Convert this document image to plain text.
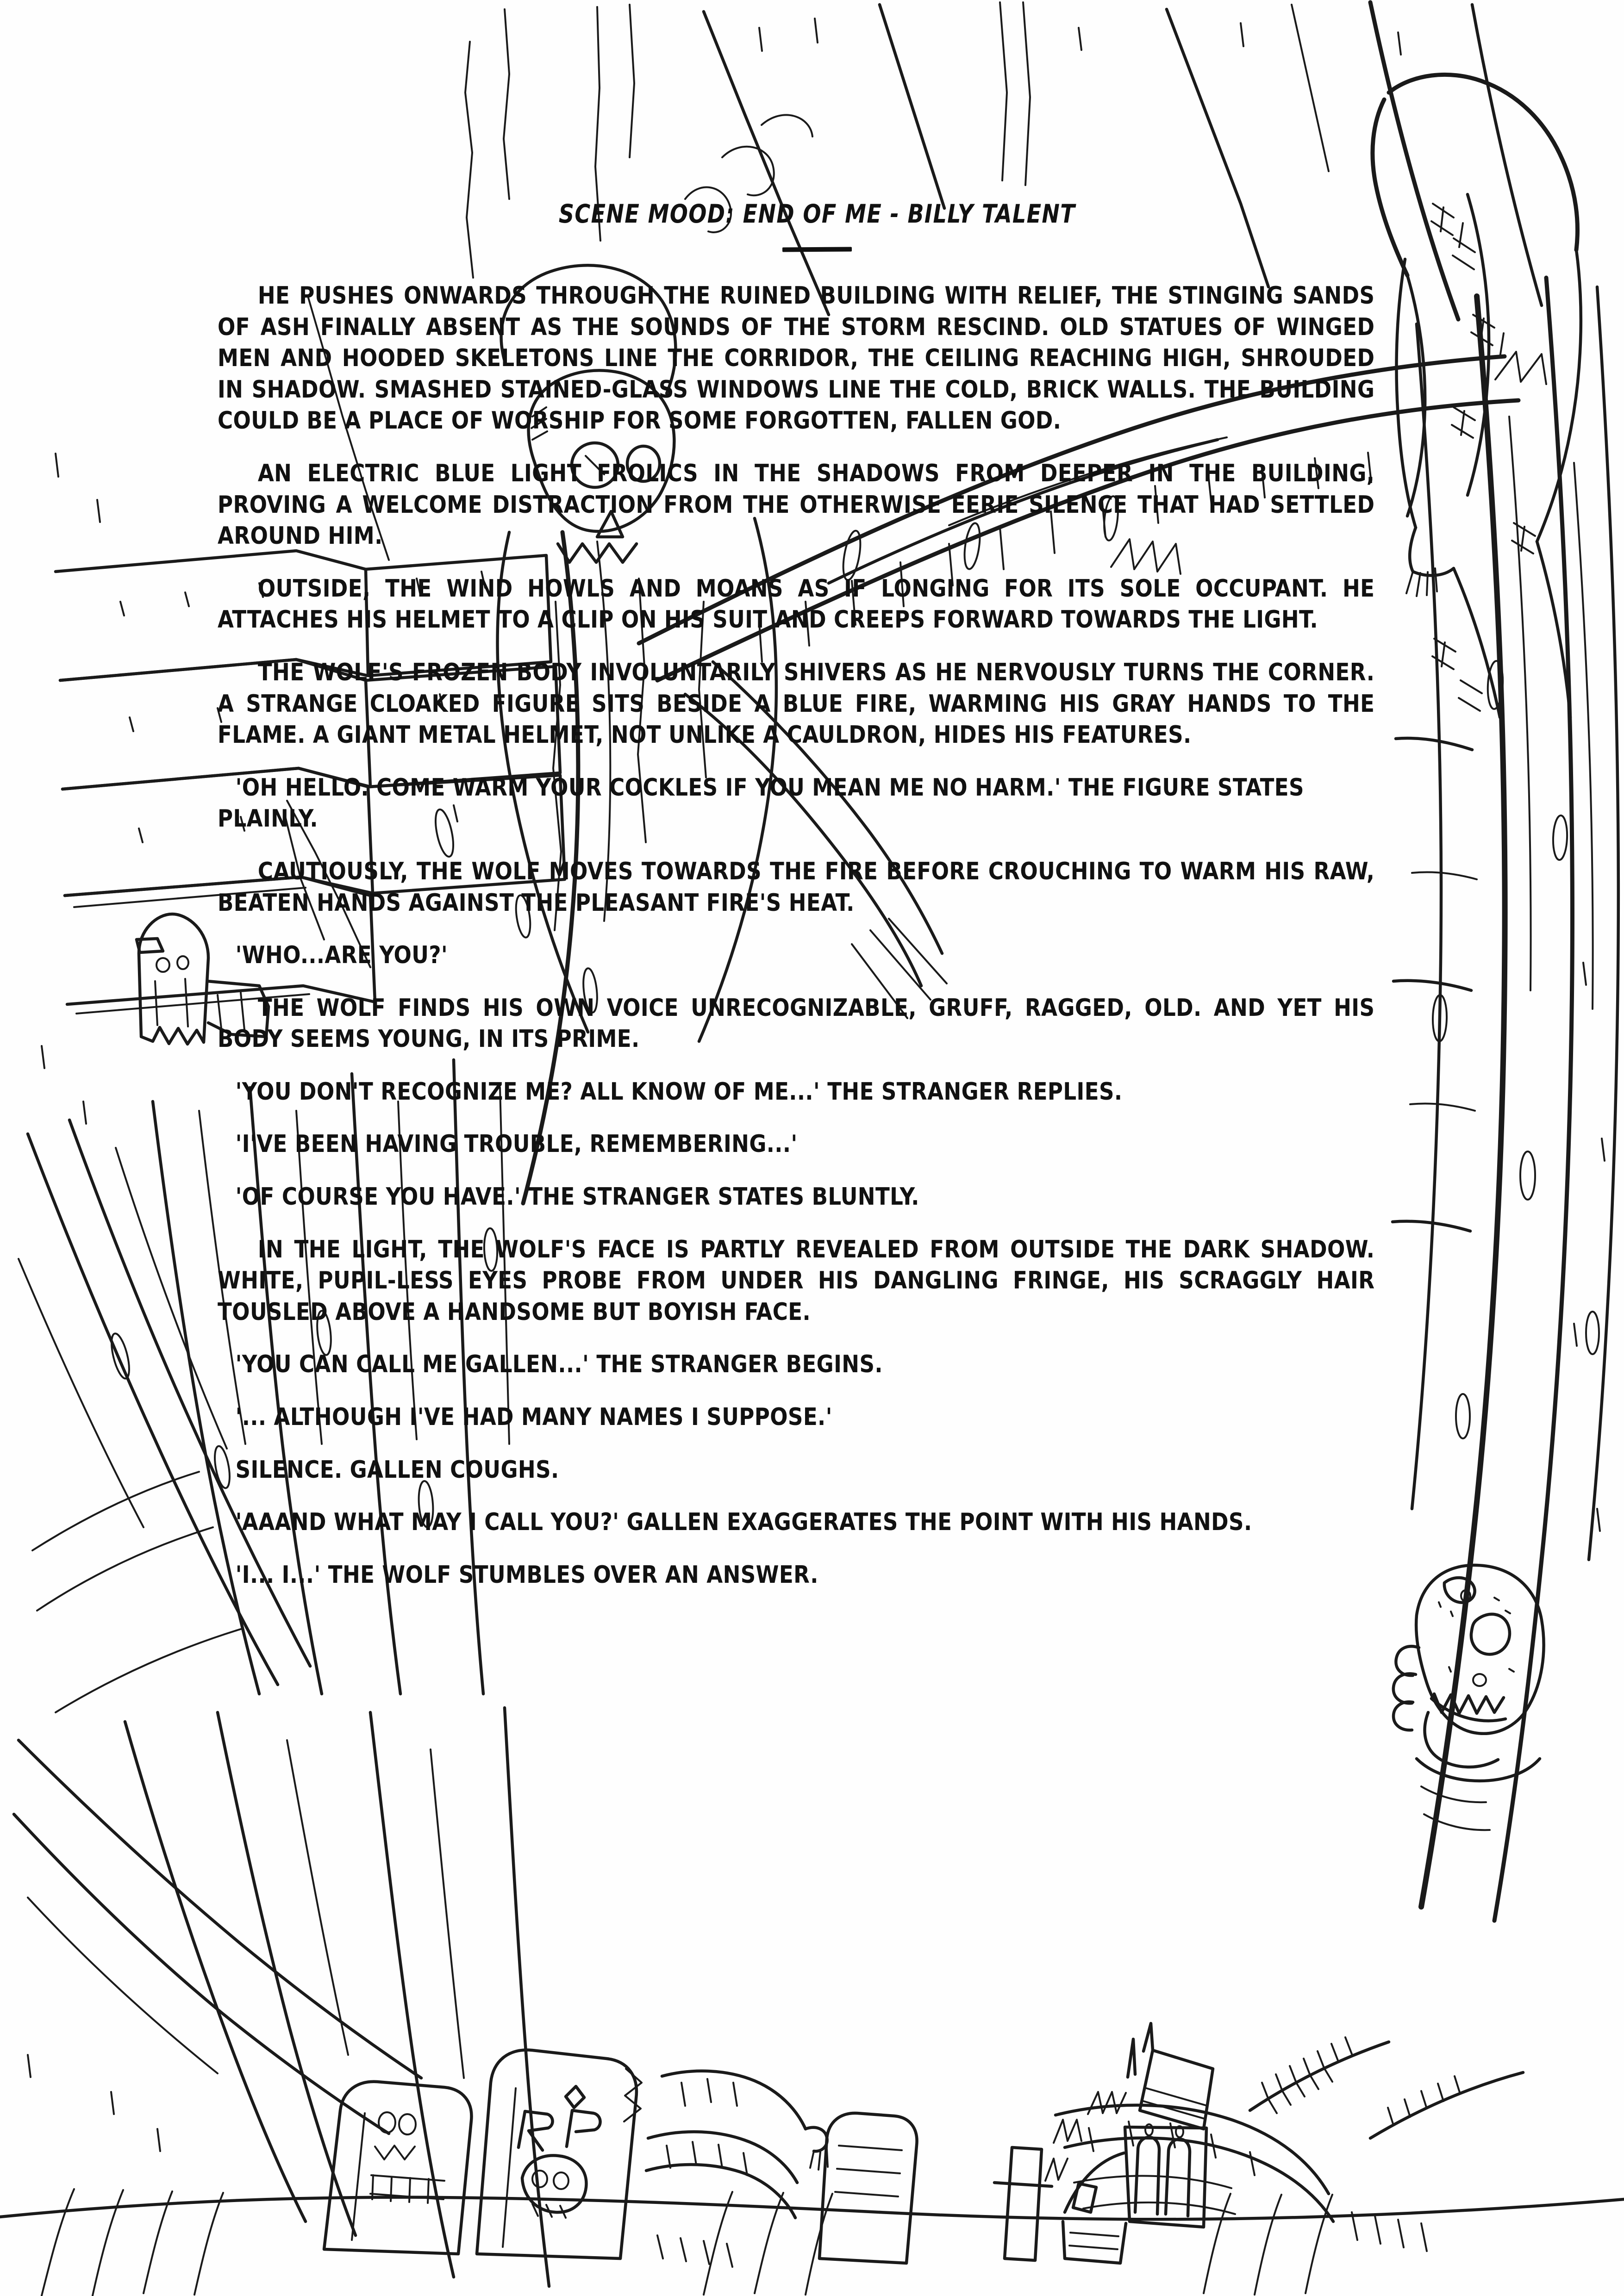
SCENE MOOD: END OF ME - BILLY TALENT

HE PUSHES ONWARDS THROUGH THE RUINED BUILDING WITH RELIEF, THE STINGING SANDS OF ASH FINALLY ABSENT AS THE SOUNDS OF THE STORM RESCIND. OLD STATUES OF WINGED MEN AND HOODED SKELETONS LINE THE CORRIDOR, THE CEILING REACHING HIGH, SHROUDED IN SHADOW. SMASHED STAINED-GLASS WINDOWS LINE THE COLD, BRICK WALLS. THE BUILDING COULD BE A PLACE OF WORSHIP FOR SOME FORGOTTEN, FALLEN GOD.

AN ELECTRIC BLUE LIGHT FROLICS IN THE SHADOWS FROM DEEPER IN THE BUILDING, PROVING A WELCOME DISTRACTION FROM THE OTHERWISE EERIE SILENCE THAT HAD SETTLED AROUND HIM.

OUTSIDE, THE WIND HOWLS AND MOANS AS IF LONGING FOR ITS SOLE OCCUPANT. HE ATTACHES HIS HELMET TO A CLIP ON HIS SUIT AND CREEPS FORWARD TOWARDS THE LIGHT.

THE WOLF'S FROZEN BODY INVOLUNTARILY SHIVERS AS HE NERVOUSLY TURNS THE CORNER. A STRANGE CLOAKED FIGURE SITS BESIDE A BLUE FIRE, WARMING HIS GRAY HANDS TO THE FLAME. A GIANT METAL HELMET, NOT UNLIKE A CAULDRON, HIDES HIS FEATURES.

'OH HELLO. COME WARM YOUR COCKLES IF YOU MEAN ME NO HARM.' THE FIGURE STATES PLAINLY.

CAUTIOUSLY, THE WOLF MOVES TOWARDS THE FIRE BEFORE CROUCHING TO WARM HIS RAW, BEATEN HANDS AGAINST THE PLEASANT FIRE'S HEAT.

'WHO...ARE YOU?'

THE WOLF FINDS HIS OWN VOICE UNRECOGNIZABLE, GRUFF, RAGGED, OLD. AND YET HIS BODY SEEMS YOUNG, IN ITS PRIME.

'YOU DON'T RECOGNIZE ME? ALL KNOW OF ME...' THE STRANGER REPLIES.

'I'VE BEEN HAVING TROUBLE, REMEMBERING...'

'OF COURSE YOU HAVE.' THE STRANGER STATES BLUNTLY.

IN THE LIGHT, THE WOLF'S FACE IS PARTLY REVEALED FROM OUTSIDE THE DARK SHADOW. WHITE, PUPIL-LESS EYES PROBE FROM UNDER HIS DANGLING FRINGE, HIS SCRAGGLY HAIR TOUSLED ABOVE A HANDSOME BUT BOYISH FACE.

'YOU CAN CALL ME GALLEN...' THE STRANGER BEGINS.

'... ALTHOUGH I'VE HAD MANY NAMES I SUPPOSE.'

SILENCE. GALLEN COUGHS.

'AAAND WHAT MAY I CALL YOU?' GALLEN EXAGGERATES THE POINT WITH HIS HANDS.

'I... I...' THE WOLF STUMBLES OVER AN ANSWER.
